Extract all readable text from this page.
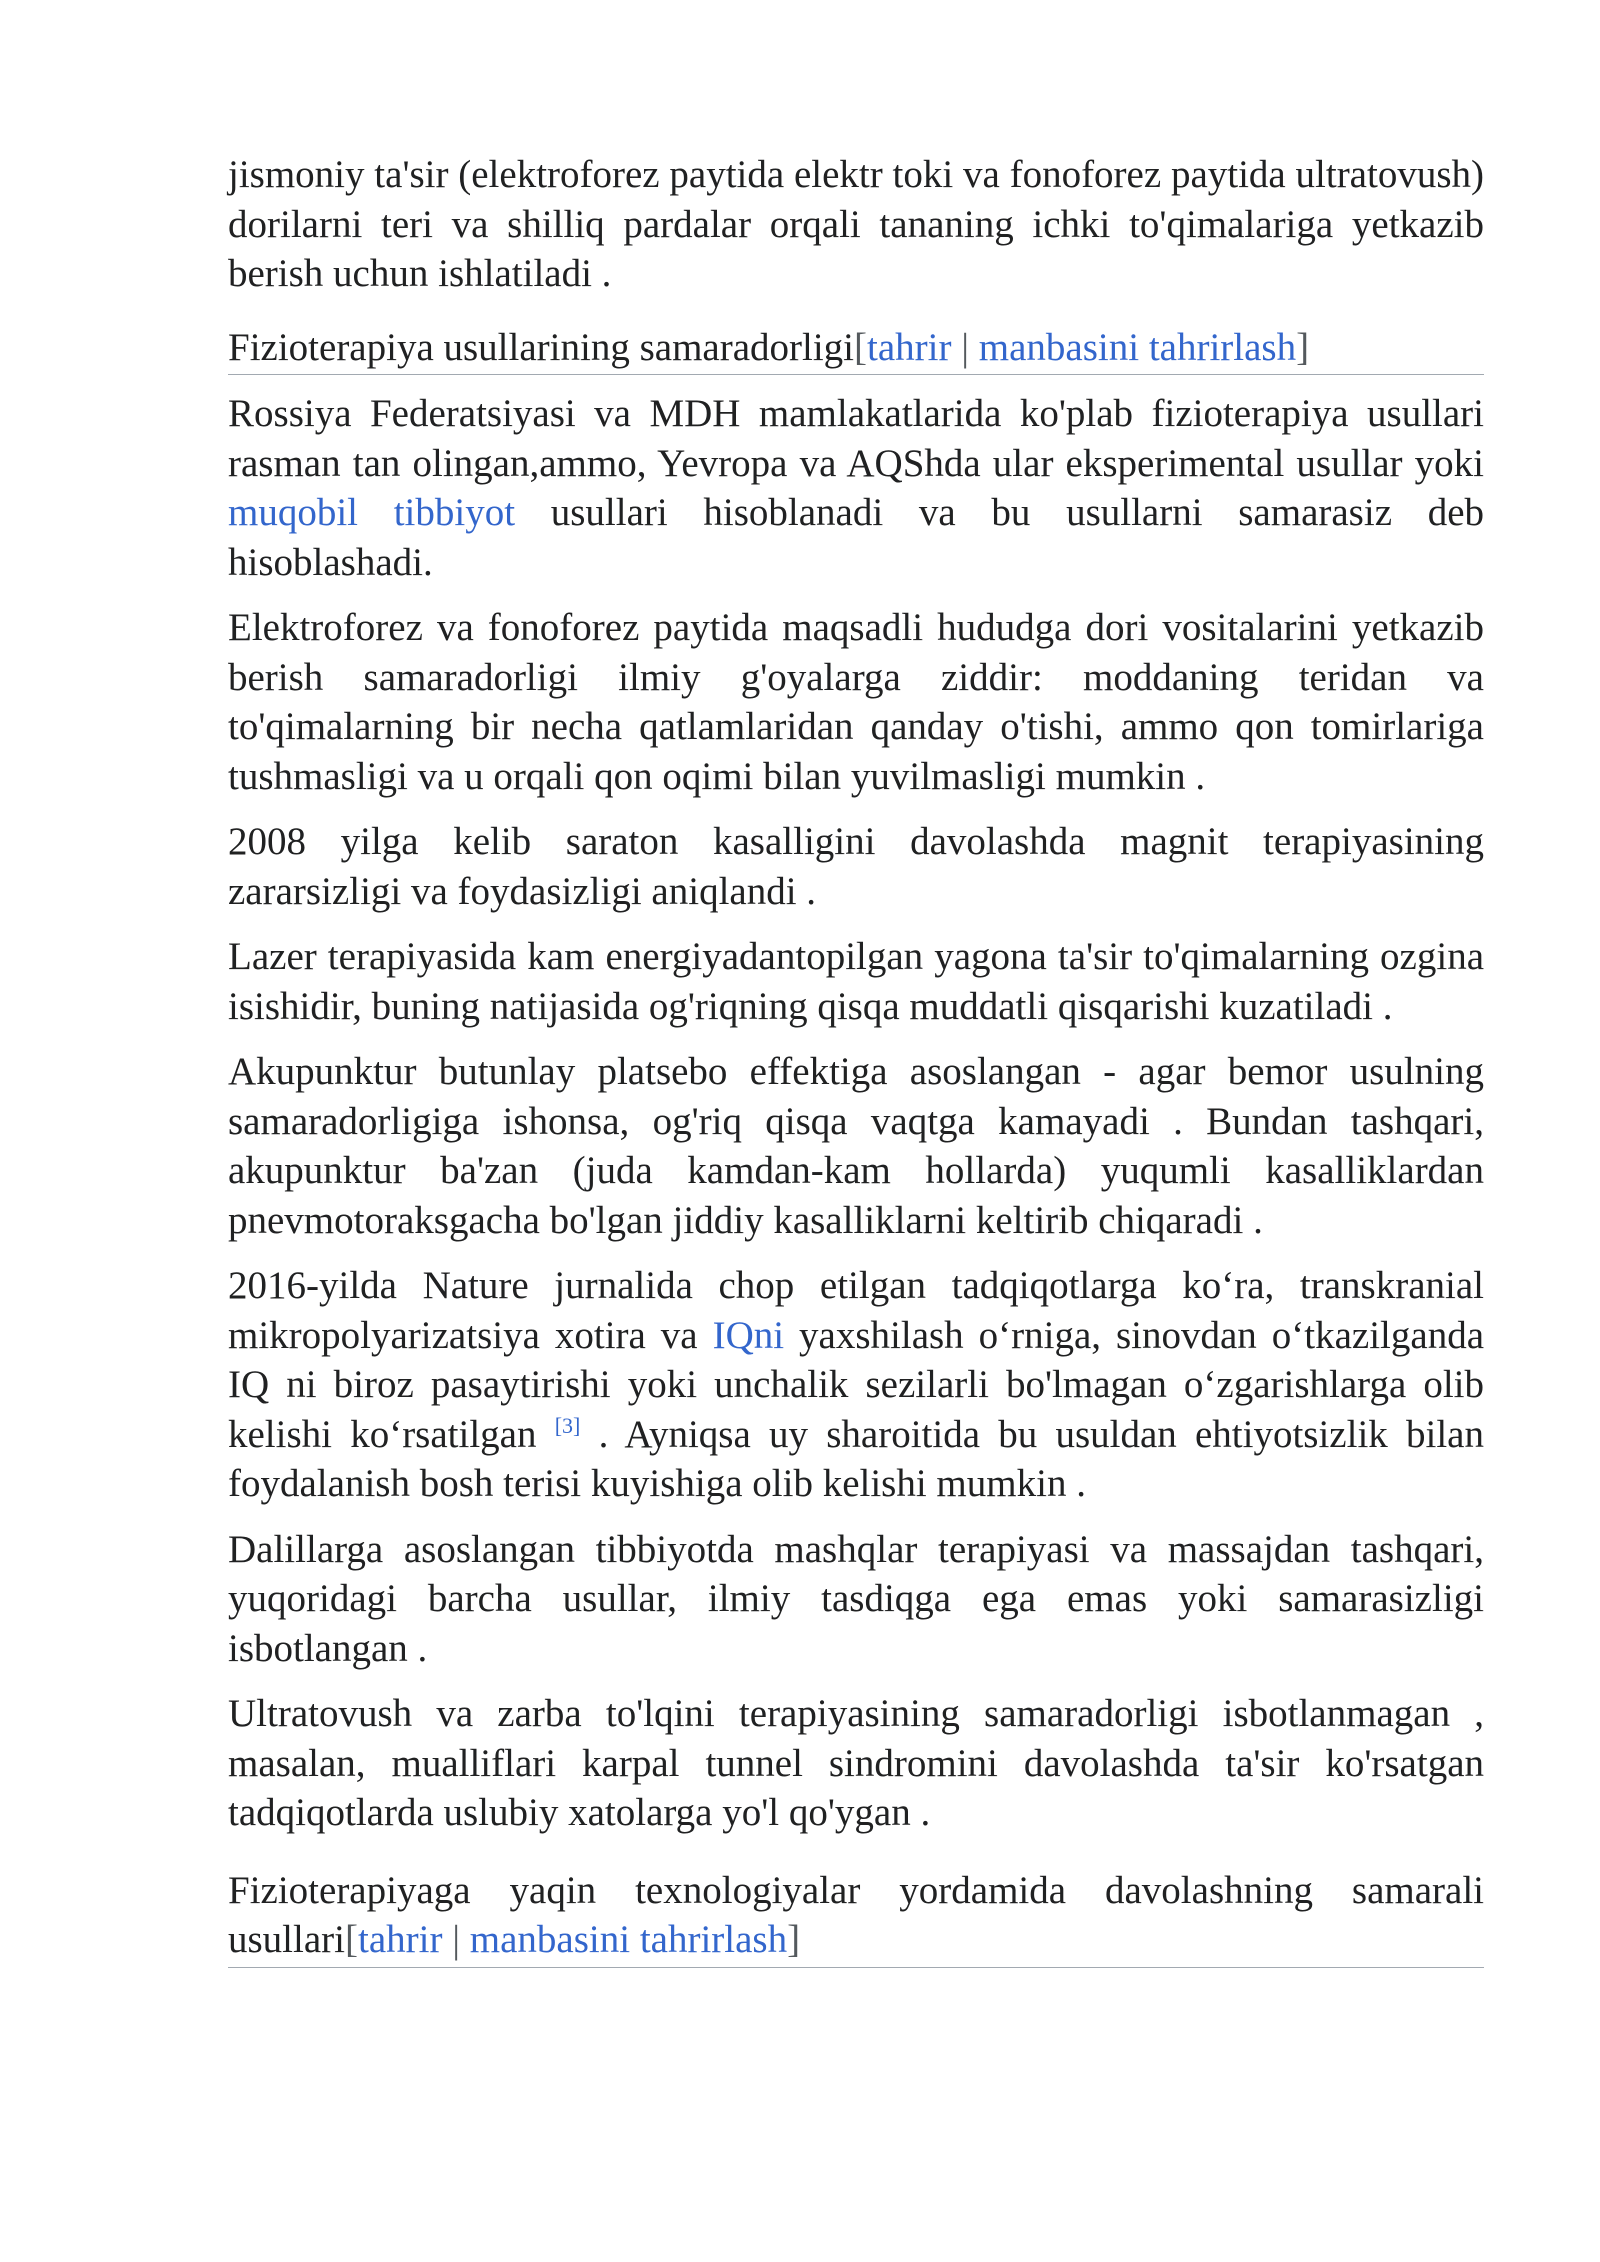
jismoniy ta'sir (elektroforez paytida elektr toki va fonoforez paytida ultratovush) dorilarni teri va shilliq pardalar orqali tananing ichki to'qimalariga yetkazib berish uchun ishlatiladi .

Fizioterapiya usullarining samaradorligi[tahrir | manbasini tahrirlash]

Rossiya Federatsiyasi va MDH mamlakatlarida ko'plab fizioterapiya usullari rasman tan olingan,ammo, Yevropa va AQShda ular eksperimental usullar yoki muqobil tibbiyot usullari hisoblanadi va bu usullarni samarasiz deb hisoblashadi.

Elektroforez va fonoforez paytida maqsadli hududga dori vositalarini yetkazib berish samaradorligi ilmiy g'oyalarga ziddir: moddaning teridan va to'qimalarning bir necha qatlamlaridan qanday o'tishi, ammo qon tomirlariga tushmasligi va u orqali qon oqimi bilan yuvilmasligi mumkin .

2008 yilga kelib saraton kasalligini davolashda magnit terapiyasining zararsizligi va foydasizligi aniqlandi .

Lazer terapiyasida kam energiyadantopilgan yagona ta'sir to'qimalarning ozgina isishidir, buning natijasida og'riqning qisqa muddatli qisqarishi kuzatiladi .

Akupunktur butunlay platsebo effektiga asoslangan - agar bemor usulning samaradorligiga ishonsa, og'riq qisqa vaqtga kamayadi . Bundan tashqari, akupunktur ba'zan (juda kamdan-kam hollarda) yuqumli kasalliklardan pnevmotoraksgacha bo'lgan jiddiy kasalliklarni keltirib chiqaradi .

2016-yilda Nature jurnalida chop etilgan tadqiqotlarga ko‘ra, transkranial mikropolyarizatsiya xotira va IQni yaxshilash o‘rniga, sinovdan o‘tkazilganda IQ ni biroz pasaytirishi yoki unchalik sezilarli bo'lmagan o‘zgarishlarga olib kelishi ko‘rsatilgan [3] . Ayniqsa uy sharoitida bu usuldan ehtiyotsizlik bilan foydalanish bosh terisi kuyishiga olib kelishi mumkin .

Dalillarga asoslangan tibbiyotda mashqlar terapiyasi va massajdan tashqari, yuqoridagi barcha usullar, ilmiy tasdiqga ega emas yoki samarasizligi isbotlangan .

Ultratovush va zarba to'lqini terapiyasining samaradorligi isbotlanmagan , masalan, mualliflari karpal tunnel sindromini davolashda ta'sir ko'rsatgan tadqiqotlarda uslubiy xatolarga yo'l qo'ygan .

Fizioterapiyaga yaqin texnologiyalar yordamida davolashning samarali usullari[tahrir | manbasini tahrirlash]
